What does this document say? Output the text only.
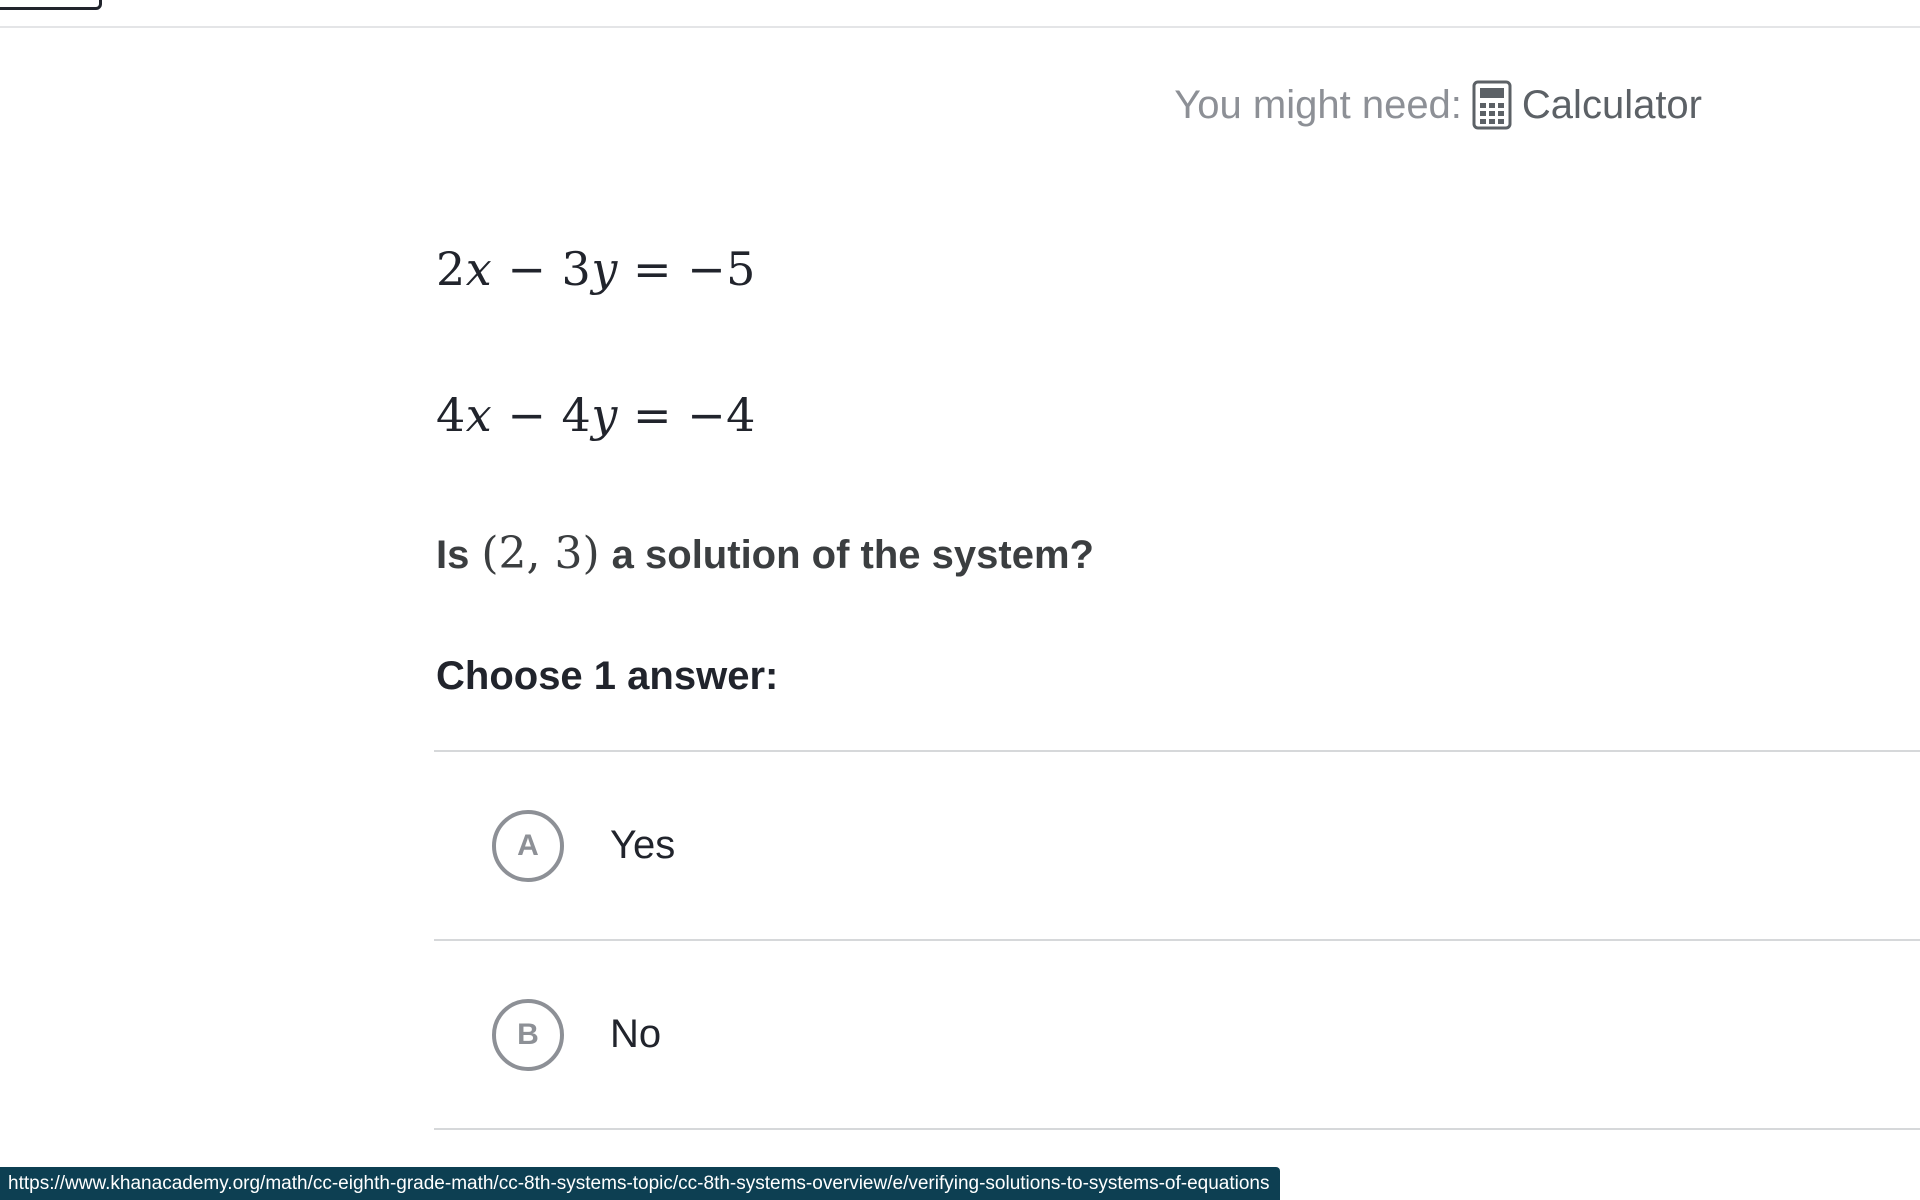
You might need: Calculator
2x − 3y = −5
4x − 4y = −4
Is (2, 3) a solution of the system?
Choose 1 answer:
A	Yes
B	No
https://www.khanacademy.org/math/cc-eighth-grade-math/cc-8th-systems-topic/cc-8th-systems-overview/e/verifying-solutions-to-systems-of-equations
